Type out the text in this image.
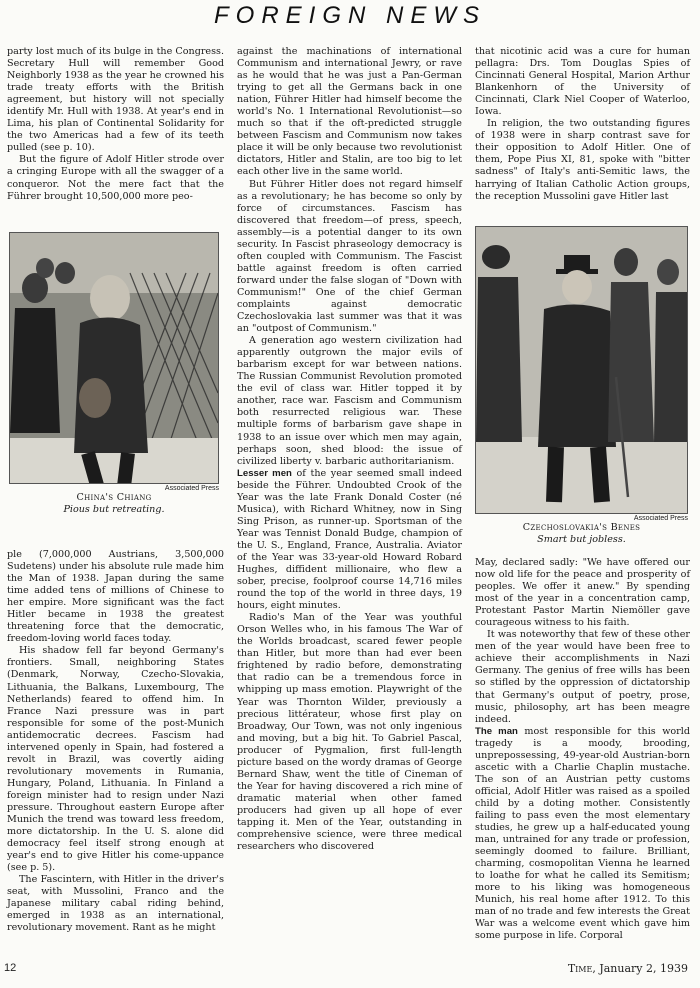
FOREIGN NEWS

party lost much of its bulge in the Congress. Secretary Hull will remember Good Neighborly 1938 as the year he crowned his trade treaty efforts with the British agreement, but history will not specially identify Mr. Hull with 1938. At year's end in Lima, his plan of Continental Solidarity for the two Americas had a few of its teeth pulled (see p. 10).

But the figure of Adolf Hitler strode over a cringing Europe with all the swagger of a conqueror. Not the mere fact that the Führer brought 10,500,000 more peo-

Associated Press
China's Chiang
Pious but retreating.

ple (7,000,000 Austrians, 3,500,000 Sudetens) under his absolute rule made him the Man of 1938. Japan during the same time added tens of millions of Chinese to her empire. More significant was the fact Hitler became in 1938 the greatest threatening force that the democratic, freedom-loving world faces today.

His shadow fell far beyond Germany's frontiers. Small, neighboring States (Denmark, Norway, Czecho-Slovakia, Lithuania, the Balkans, Luxembourg, The Netherlands) feared to offend him. In France Nazi pressure was in part responsible for some of the post-Munich antidemocratic decrees. Fascism had intervened openly in Spain, had fostered a revolt in Brazil, was covertly aiding revolutionary movements in Rumania, Hungary, Poland, Lithuania. In Finland a foreign minister had to resign under Nazi pressure. Throughout eastern Europe after Munich the trend was toward less freedom, more dictatorship. In the U. S. alone did democracy feel itself strong enough at year's end to give Hitler his come-uppance (see p. 5).

The Fascintern, with Hitler in the driver's seat, with Mussolini, Franco and the Japanese military cabal riding behind, emerged in 1938 as an international, revolutionary movement. Rant as he might

against the machinations of international Communism and international Jewry, or rave as he would that he was just a Pan-German trying to get all the Germans back in one nation, Führer Hitler had himself become the world's No. 1 International Revolutionist—so much so that if the oft-predicted struggle between Fascism and Communism now takes place it will be only because two revolutionist dictators, Hitler and Stalin, are too big to let each other live in the same world.

But Führer Hitler does not regard himself as a revolutionary; he has become so only by force of circumstances. Fascism has discovered that freedom—of press, speech, assembly—is a potential danger to its own security. In Fascist phraseology democracy is often coupled with Communism. The Fascist battle against freedom is often carried forward under the false slogan of "Down with Communism!" One of the chief German complaints against democratic Czechoslovakia last summer was that it was an "outpost of Communism."

A generation ago western civilization had apparently outgrown the major evils of barbarism except for war between nations. The Russian Communist Revolution promoted the evil of class war. Hitler topped it by another, race war. Fascism and Communism both resurrected religious war. These multiple forms of barbarism gave shape in 1938 to an issue over which men may again, perhaps soon, shed blood: the issue of civilized liberty v. barbaric authoritarianism.

Lesser men of the year seemed small indeed beside the Führer. Undoubted Crook of the Year was the late Frank Donald Coster (né Musica), with Richard Whitney, now in Sing Sing Prison, as runner-up. Sportsman of the Year was Tennist Donald Budge, champion of the U. S., England, France, Australia. Aviator of the Year was 33-year-old Howard Robard Hughes, diffident millionaire, who flew a sober, precise, foolproof course 14,716 miles round the top of the world in three days, 19 hours, eight minutes.

Radio's Man of the Year was youthful Orson Welles who, in his famous The War of the Worlds broadcast, scared fewer people than Hitler, but more than had ever been frightened by radio before, demonstrating that radio can be a tremendous force in whipping up mass emotion. Playwright of the Year was Thornton Wilder, previously a precious littérateur, whose first play on Broadway, Our Town, was not only ingenious and moving, but a big hit. To Gabriel Pascal, producer of Pygmalion, first full-length picture based on the wordy dramas of George Bernard Shaw, went the title of Cineman of the Year for having discovered a rich mine of dramatic material when other famed producers had given up all hope of ever tapping it. Men of the Year, outstanding in comprehensive science, were three medical researchers who discovered

that nicotinic acid was a cure for human pellagra: Drs. Tom Douglas Spies of Cincinnati General Hospital, Marion Arthur Blankenhorn of the University of Cincinnati, Clark Niel Cooper of Waterloo, Iowa.

In religion, the two outstanding figures of 1938 were in sharp contrast save for their opposition to Adolf Hitler. One of them, Pope Pius XI, 81, spoke with "bitter sadness" of Italy's anti-Semitic laws, the harrying of Italian Catholic Action groups, the reception Mussolini gave Hitler last

Associated Press
Czechoslovakia's Benes
Smart but jobless.

May, declared sadly: "We have offered our now old life for the peace and prosperity of peoples. We offer it anew." By spending most of the year in a concentration camp, Protestant Pastor Martin Niemöller gave courageous witness to his faith.

It was noteworthy that few of these other men of the year would have been free to achieve their accomplishments in Nazi Germany. The genius of free wills has been so stifled by the oppression of dictatorship that Germany's output of poetry, prose, music, philosophy, art has been meagre indeed.

The man most responsible for this world tragedy is a moody, brooding, unprepossessing, 49-year-old Austrian-born ascetic with a Charlie Chaplin mustache. The son of an Austrian petty customs official, Adolf Hitler was raised as a spoiled child by a doting mother. Consistently failing to pass even the most elementary studies, he grew up a half-educated young man, untrained for any trade or profession, seemingly doomed to failure. Brilliant, charming, cosmopolitan Vienna he learned to loathe for what he called its Semitism; more to his liking was homogeneous Munich, his real home after 1912. To this man of no trade and few interests the Great War was a welcome event which gave him some purpose in life. Corporal

12	Time, January 2, 1939
